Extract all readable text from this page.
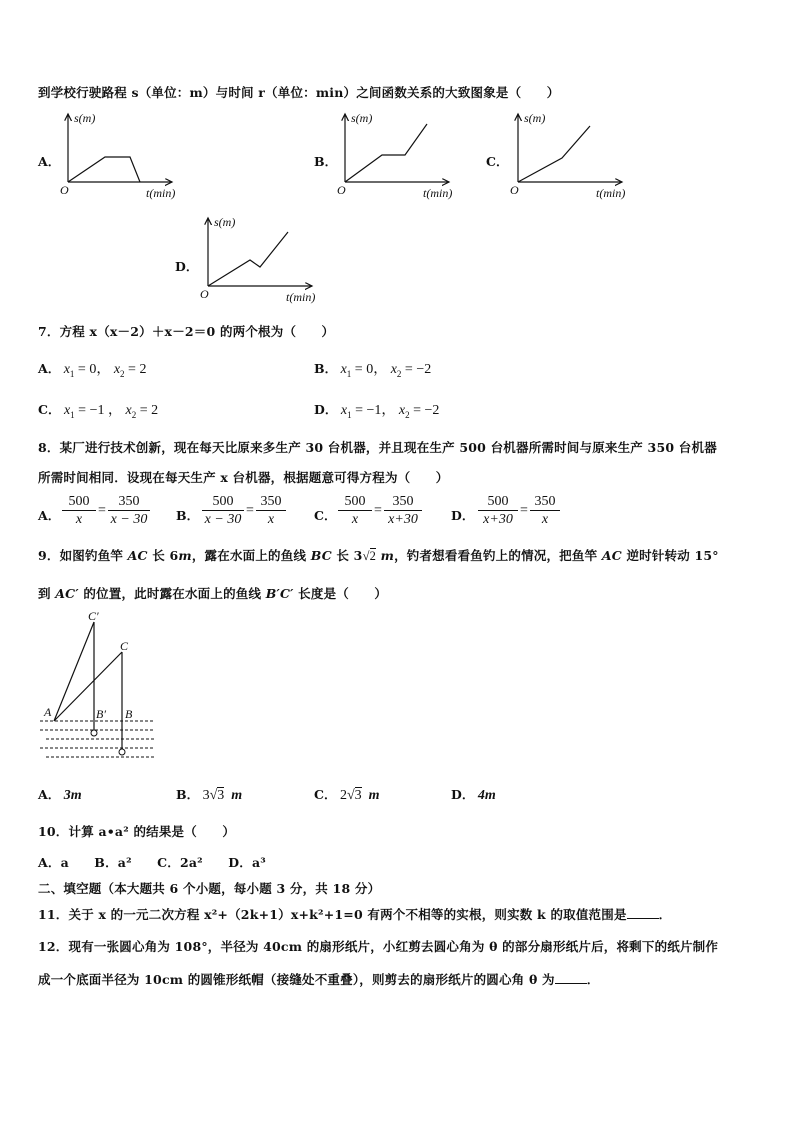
到学校行驶路程 s（单位：m）与时间 r（单位：min）之间函数关系的大致图象是（　　）
A．	B．	C．
D．
s(m)
O	t(min)
s(m)
O	t(min)
s(m)
O	t(min)
s(m)
O	t(min)
7．方程 x（x－2）＋x－2＝0 的两个根为（　　）
A． $x_1 = 0$， $x_2 = 2$	B． $x_1 = 0$， $x_2 = -2$
C． $x_1 = -1$ ， $x_2 = 2$	D． $x_1 = -1$， $x_2 = -2$
8．某厂进行技术创新，现在每天比原来多生产 30 台机器，并且现在生产 500 台机器所需时间与原来生产 350 台机器
所需时间相同．设现在每天生产 x 台机器，根据题意可得方程为（　　）
A．
500
x
=
350
x − 30 B．
500
x − 30
=
350
x	C．
500
x
=
350
x+30	D．
500
x+30
=
350
x
9．如图钓鱼竿 AC 长 6m，露在水面上的鱼线 BC 长 3√2 m，钓者想看看鱼钓上的情况，把鱼竿 AC 逆时针转动 15°
到 AC′ 的位置，此时露在水面上的鱼线 B′C′ 长度是（　　）
A	B′ B
C
C′
A． 3m	B． 3√3 m	C． 2√3 m	D． 4m
10．计算 a•a² 的结果是（　　）
A．a　　B．a²　　C．2a²　　D．a³
二、填空题（本大题共 6 个小题，每小题 3 分，共 18 分）
11．关于 x 的一元二次方程 x²+（2k+1）x+k²+1=0 有两个不相等的实根，则实数 k 的取值范围是	．
12．现有一张圆心角为 108°，半径为 40cm 的扇形纸片，小红剪去圆心角为 θ 的部分扇形纸片后，将剩下的纸片制作
成一个底面半径为 10cm 的圆锥形纸帽（接缝处不重叠），则剪去的扇形纸片的圆心角 θ 为	．
